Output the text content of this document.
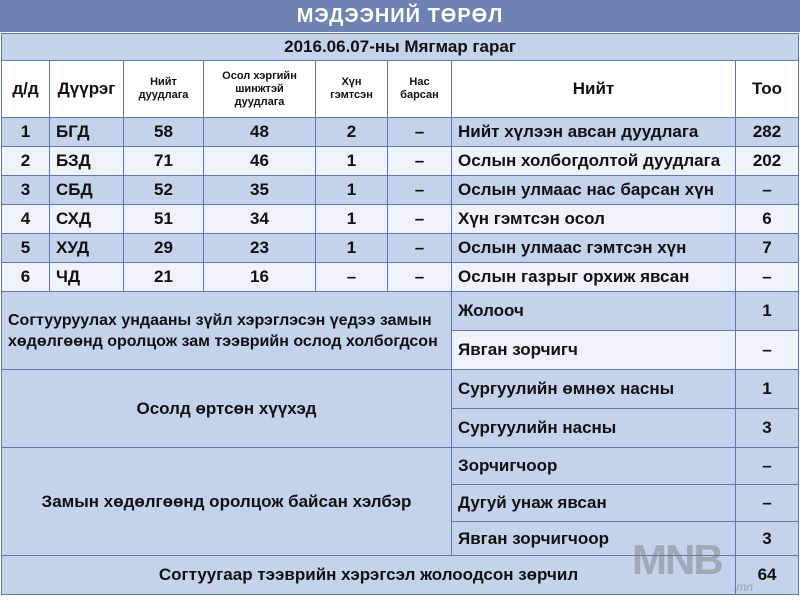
МЭДЭЭНИЙ ТӨРӨЛ
2016.06.07-ны Мягмар гараг							
д/д	Дүүрэг	Нийт дуудлага	Осол хэргийн шинжтэй дуудлага	Хүн гэмтсэн	Нас барсан	Нийт	Тоо
1	БГД	58	48	2	–	Нийт хүлээн авсан дуудлага	282
2	БЗД	71	46	1	–	Ослын холбогдолтой дуудлага	202
3	СБД	52	35	1	–	Ослын улмаас нас барсан хүн	–
4	СХД	51	34	1	–	Хүн гэмтсэн осол	6
5	ХУД	29	23	1	–	Ослын улмаас гэмтсэн хүн	7
6	ЧД	21	16	–	–	Ослын газрыг орхиж явсан	–
Согтууруулах ундааны зүйл хэрэглэсэн үедээ замын хөдөлгөөнд оролцож зам тээврийн ослод холбогдсон						Жолооч	1
						Явган зорчигч	–
Осолд өртсөн хүүхэд						Сургуулийн өмнөх насны	1
						Сургуулийн насны	3
Замын хөдөлгөөнд оролцож байсан хэлбэр						Зорчигчоор	–
						Дугуй унаж явсан	–
						Явган зорчигчоор	3
Согтуугаар тээврийн хэрэгсэл жолоодсон зөрчил							64
MNB
.mn
